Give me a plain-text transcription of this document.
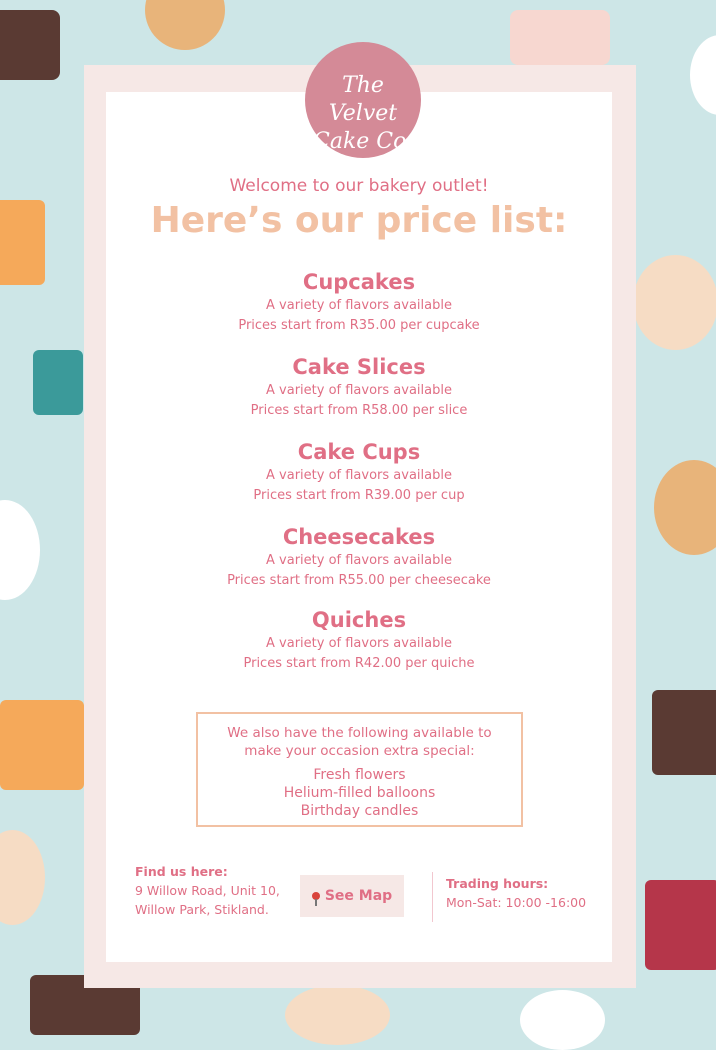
The Velvet
Cake Co.
Welcome to our bakery outlet!
Here’s our price list:
Cupcakes

A variety of flavors available

Prices start from R35.00 per cupcake

Cake Slices

A variety of flavors available

Prices start from R58.00 per slice

Cake Cups

A variety of flavors available

Prices start from R39.00 per cup

Cheesecakes

A variety of flavors available

Prices start from R55.00 per cheesecake

Quiches

A variety of flavors available

Prices start from R42.00 per quiche

We also have the following available to
make your occasion extra special:
Fresh flowers
Helium-filled balloons
Birthday candles
Find us here:
9 Willow Road, Unit 10,
Willow Park, Stikland.
See Map
Trading hours:
Mon-Sat: 10:00 -16:00
